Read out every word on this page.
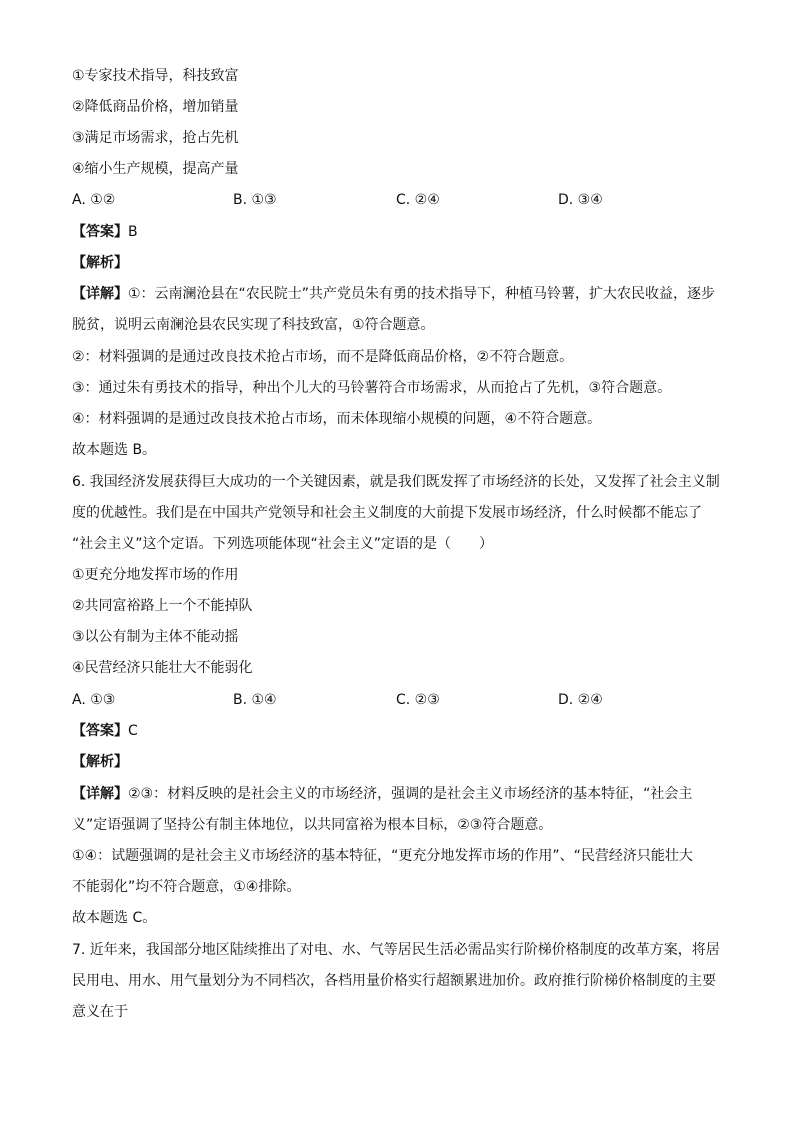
①专家技术指导，科技致富
②降低商品价格，增加销量
③满足市场需求，抢占先机
④缩小生产规模，提高产量
A. ①②	B. ①③	C. ②④	D. ③④
【答案】B
【解析】
【详解】①：云南澜沧县在“农民院士”共产党员朱有勇的技术指导下，种植马铃薯，扩大农民收益，逐步
脱贫，说明云南澜沧县农民实现了科技致富，①符合题意。
②：材料强调的是通过改良技术抢占市场，而不是降低商品价格，②不符合题意。
③：通过朱有勇技术的指导，种出个儿大的马铃薯符合市场需求，从而抢占了先机，③符合题意。
④：材料强调的是通过改良技术抢占市场，而未体现缩小规模的问题，④不符合题意。
故本题选 B。
6. 我国经济发展获得巨大成功的一个关键因素，就是我们既发挥了市场经济的长处，又发挥了社会主义制
度的优越性。我们是在中国共产党领导和社会主义制度的大前提下发展市场经济，什么时候都不能忘了
“社会主义”这个定语。下列选项能体现“社会主义”定语的是（　　）
①更充分地发挥市场的作用
②共同富裕路上一个不能掉队
③以公有制为主体不能动摇
④民营经济只能壮大不能弱化
A. ①③	B. ①④	C. ②③	D. ②④
【答案】C
【解析】
【详解】②③：材料反映的是社会主义的市场经济，强调的是社会主义市场经济的基本特征，“社会主
义”定语强调了坚持公有制主体地位，以共同富裕为根本目标，②③符合题意。
①④：试题强调的是社会主义市场经济的基本特征，“更充分地发挥市场的作用”、“民营经济只能壮大
不能弱化”均不符合题意，①④排除。
故本题选 C。
7. 近年来，我国部分地区陆续推出了对电、水、气等居民生活必需品实行阶梯价格制度的改革方案，将居
民用电、用水、用气量划分为不同档次，各档用量价格实行超额累进加价。政府推行阶梯价格制度的主要
意义在于
